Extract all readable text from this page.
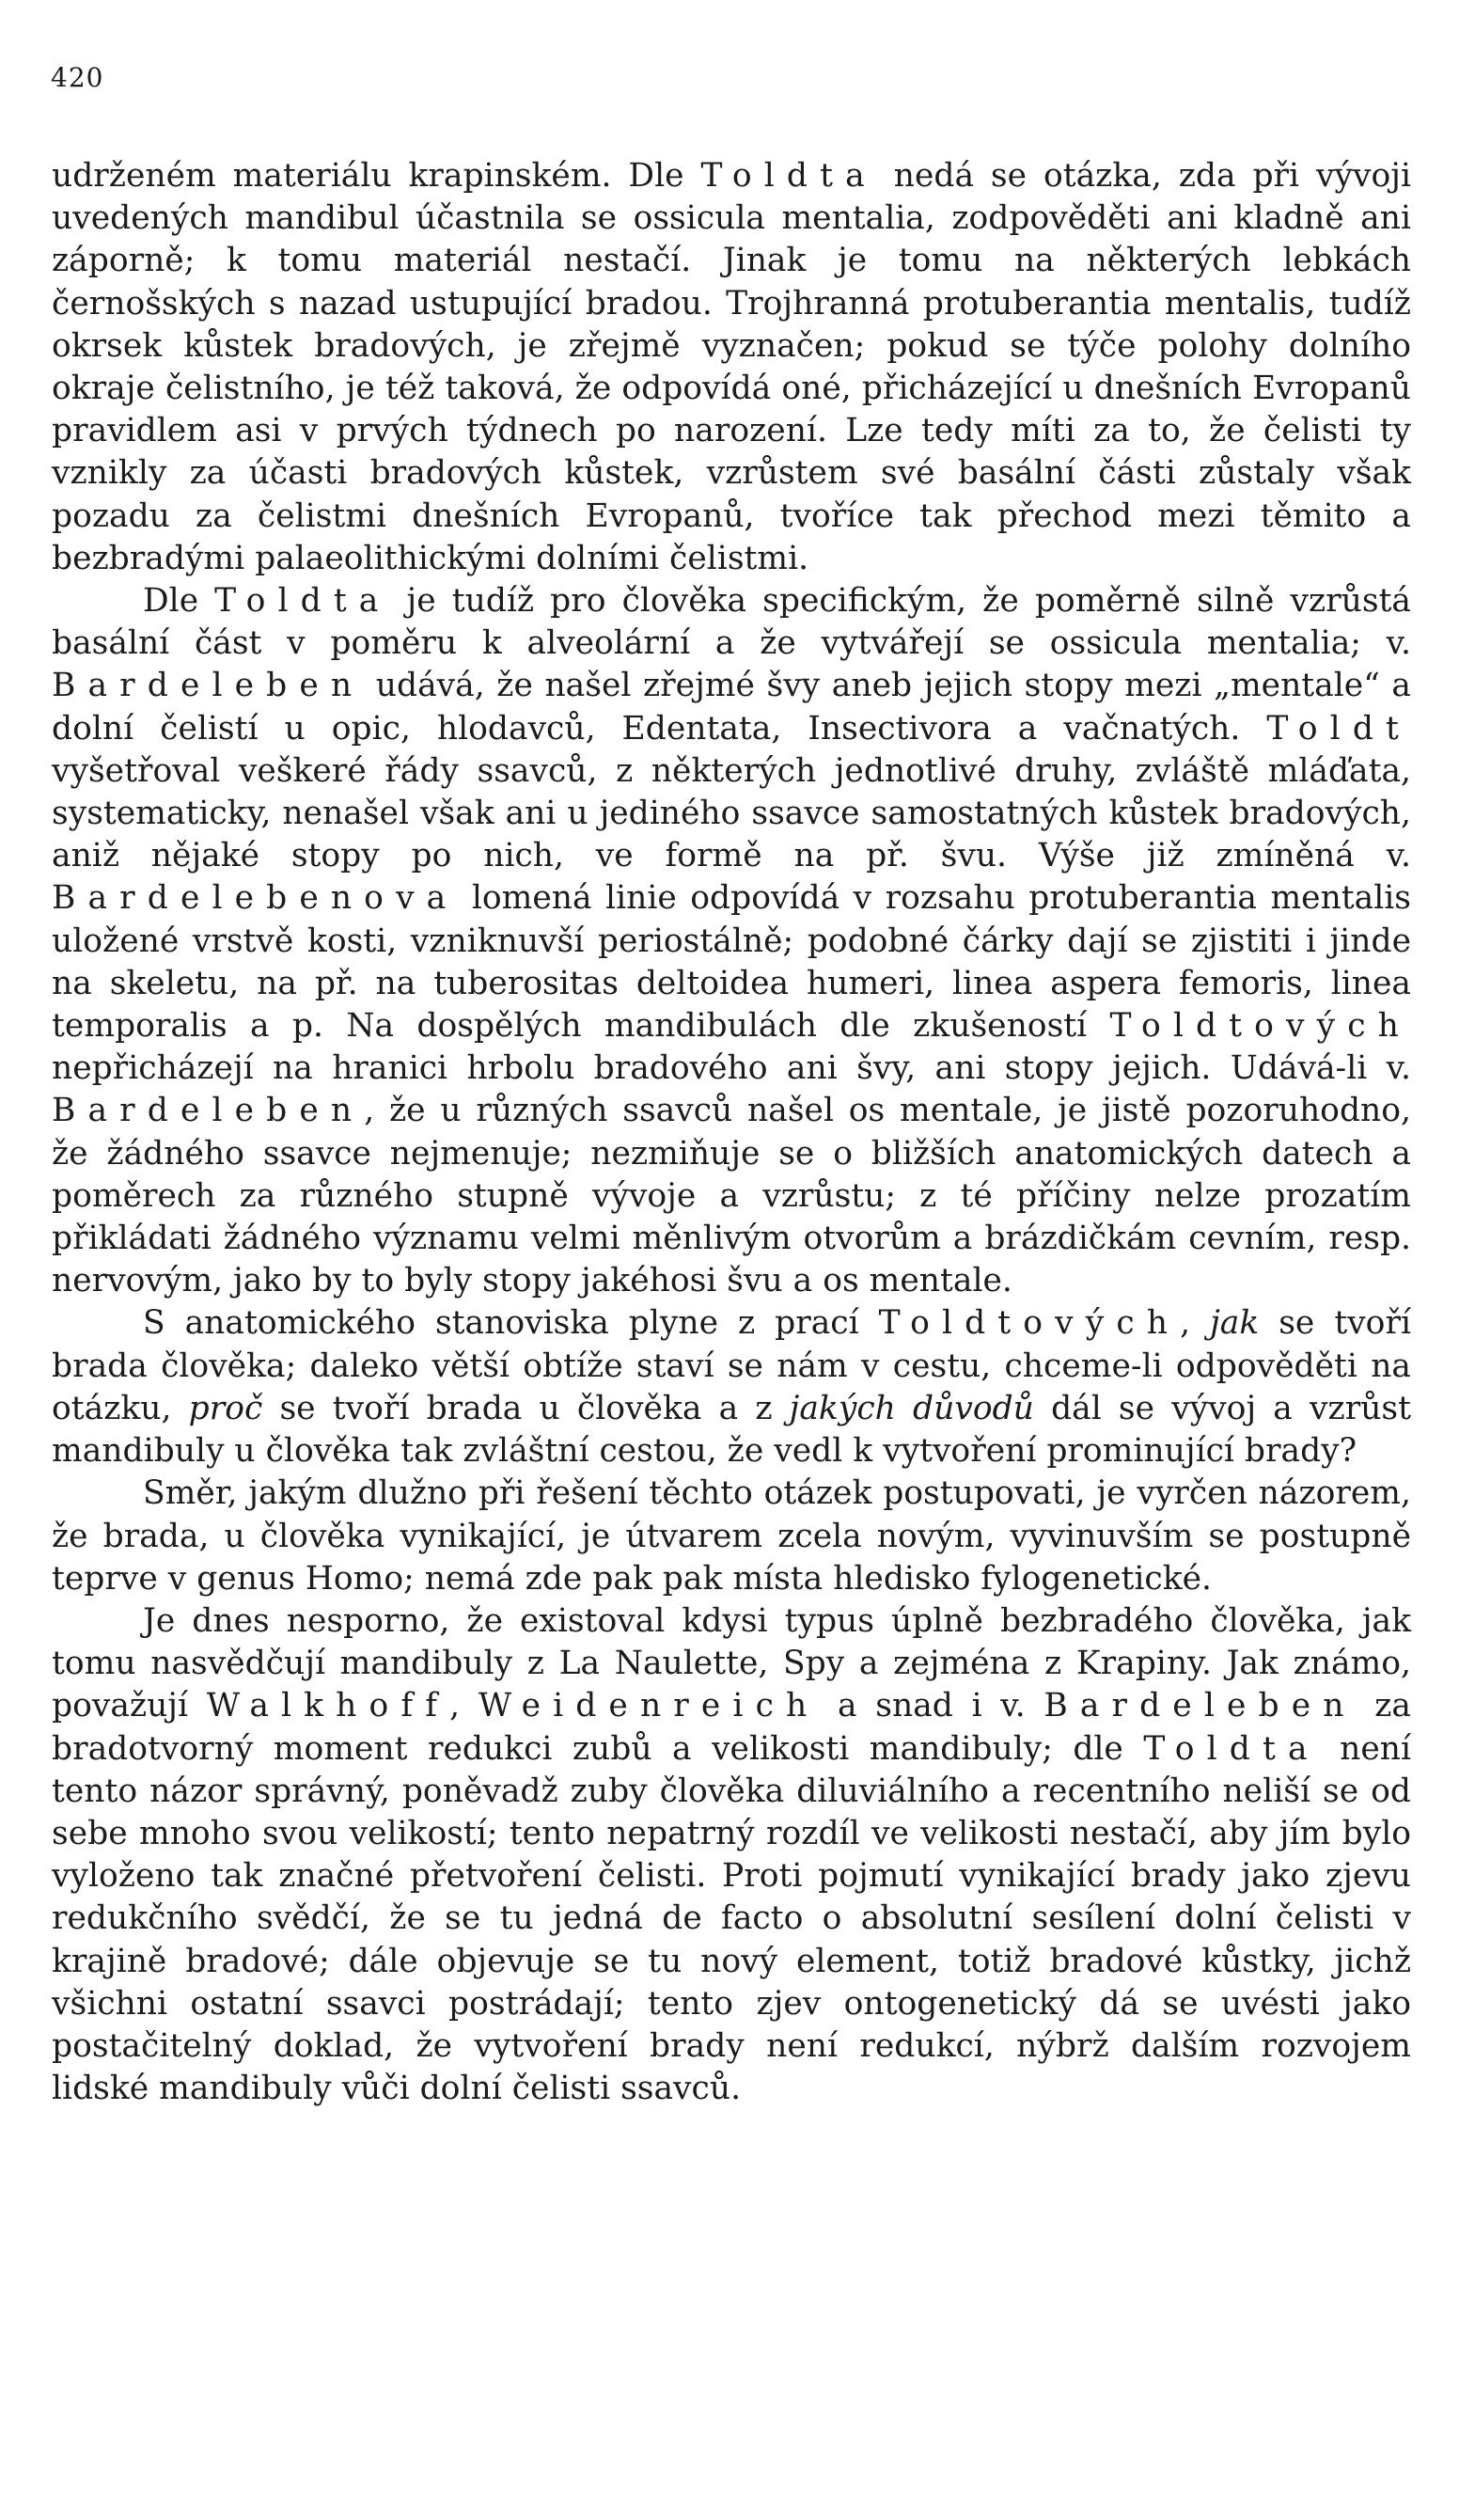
420

udrženém materiálu krapinském. Dle Toldta nedá se otázka, zda při vývoji uvedených mandibul účastnila se ossicula mentalia, zodpověděti ani kladně ani záporně; k tomu materiál nestačí. Jinak je tomu na některých lebkách černošských s nazad ustupující bradou. Trojhranná protuberantia mentalis, tudíž okrsek kůstek bradových, je zřejmě vyznačen; pokud se týče polohy dolního okraje čelistního, je též taková, že odpovídá oné, přicházející u dnešních Evropanů pravidlem asi v prvých týdnech po narození. Lze tedy míti za to, že čelisti ty vznikly za účasti bradových kůstek, vzrůstem své basální části zůstaly však pozadu za čelistmi dnešních Evropanů, tvoříce tak přechod mezi těmito a bezbradými palaeolithickými dolními čelistmi.

Dle Toldta je tudíž pro člověka specifickým, že poměrně silně vzrůstá basální část v poměru k alveolární a že vytvářejí se ossicula mentalia; v. Bardeleben udává, že našel zřejmé švy aneb jejich stopy mezi „mentale“ a dolní čelistí u opic, hlodavců, Edentata, Insectivora a vačnatých. Toldt vyšetřoval veškeré řády ssavců, z některých jednotlivé druhy, zvláště mláďata, systematicky, nenašel však ani u jediného ssavce samostatných kůstek bradových, aniž nějaké stopy po nich, ve formě na př. švu. Výše již zmíněná v. Bardelebenova lomená linie odpovídá v rozsahu protuberantia mentalis uložené vrstvě kosti, vzniknuvší periostálně; podobné čárky dají se zjistiti i jinde na skeletu, na př. na tuberositas deltoidea humeri, linea aspera femoris, linea temporalis a p. Na dospělých mandibulách dle zkušeností Toldtových nepřicházejí na hranici hrbolu bradového ani švy, ani stopy jejich. Udává-li v. Bardeleben, že u různých ssavců našel os mentale, je jistě pozoruhodno, že žádného ssavce nejmenuje; nezmiňuje se o bližších anatomických datech a poměrech za různého stupně vývoje a vzrůstu; z té příčiny nelze prozatím přikládati žádného významu velmi měnlivým otvorům a brázdičkám cevním, resp. nervovým, jako by to byly stopy jakéhosi švu a os mentale.

S anatomického stanoviska plyne z prací Toldtových, jak se tvoří brada člověka; daleko větší obtíže staví se nám v cestu, chceme-li odpověděti na otázku, proč se tvoří brada u člověka a z jakých důvodů dál se vývoj a vzrůst mandibuly u člověka tak zvláštní cestou, že vedl k vytvoření prominující brady?

Směr, jakým dlužno při řešení těchto otázek postupovati, je vyrčen názorem, že brada, u člověka vynikající, je útvarem zcela novým, vyvinuvším se postupně teprve v genus Homo; nemá zde pak pak místa hledisko fylogenetické.

Je dnes nesporno, že existoval kdysi typus úplně bezbradého člověka, jak tomu nasvědčují mandibuly z La Naulette, Spy a zejména z Krapiny. Jak známo, považují Walkhoff, Weidenreich a snad i v. Bardeleben za bradotvorný moment redukci zubů a velikosti mandibuly; dle Toldta není tento názor správný, poněvadž zuby člověka diluviálního a recentního neliší se od sebe mnoho svou velikostí; tento nepatrný rozdíl ve velikosti nestačí, aby jím bylo vyloženo tak značné přetvoření čelisti. Proti pojmutí vynikající brady jako zjevu redukčního svědčí, že se tu jedná de facto o absolutní sesílení dolní čelisti v krajině bradové; dále objevuje se tu nový element, totiž bradové kůstky, jichž všichni ostatní ssavci postrádají; tento zjev ontogenetický dá se uvésti jako postačitelný doklad, že vytvoření brady není redukcí, nýbrž dalším rozvojem lidské mandibuly vůči dolní čelisti ssavců.
